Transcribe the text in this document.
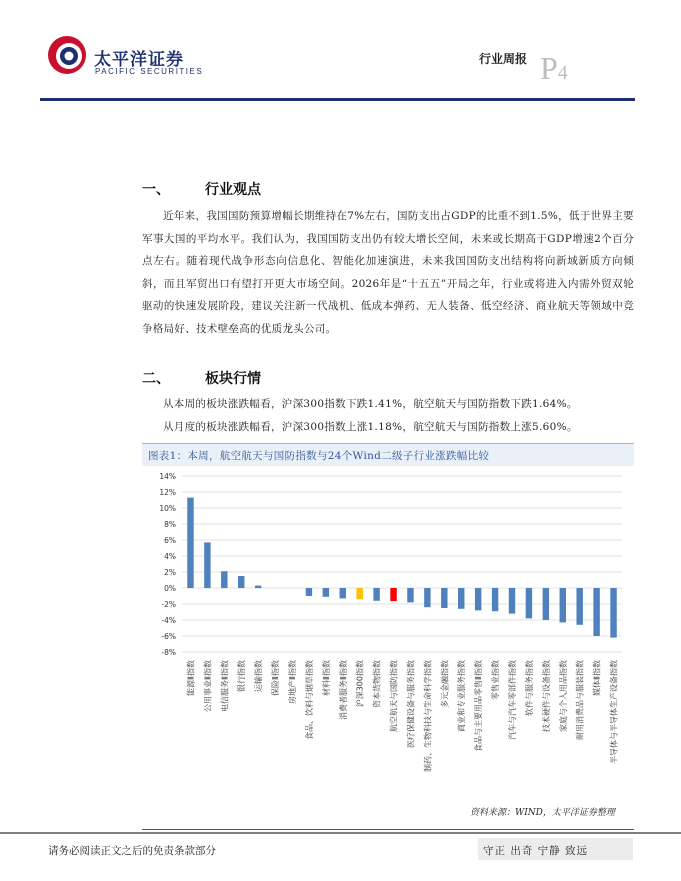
太平洋证券
PACIFIC SECURITIES
行业周报 P4
一、	行业观点
近年来，我国国防预算增幅长期维持在7%左右，国防支出占GDP的比重不到1.5%，低于世界主要军事大国的平均水平。我们认为，我国国防支出仍有较大增长空间，未来或长期高于GDP增速2个百分点左右。随着现代战争形态向信息化、智能化加速演进，未来我国国防支出结构将向新域新质方向倾斜，而且军贸出口有望打开更大市场空间。2026年是“十五五”开局之年，行业或将进入内需外贸双轮驱动的快速发展阶段，建议关注新一代战机、低成本弹药、无人装备、低空经济、商业航天等领域中竞争格局好、技术壁垒高的优质龙头公司。
二、	板块行情
从本周的板块涨跌幅看，沪深300指数下跌1.41%，航空航天与国防指数下跌1.64%。
从月度的板块涨跌幅看，沪深300指数上涨1.18%，航空航天与国防指数上涨5.60%。
图表1：本周，航空航天与国防指数与24个Wind二级子行业涨跌幅比较
14%
12%
10%
8%
6%
4%
2%
0%
-2%
-4%
-6%
-8%
能源Ⅱ指数 公用事业Ⅱ指数 电信服务Ⅱ指数 银行指数 运输指数 保险Ⅱ指数 房地产Ⅱ指数 食品、饮料与烟草指数 材料Ⅱ指数 消费者服务Ⅱ指数 沪深300指数 资本货物指数 航空航天与国防指数 医疗保健设备与服务指数 制药、生物科技与生命科学指数 多元金融指数 商业和专业服务指数 食品与主要用品零售Ⅱ指数 零售业指数 汽车与汽车零部件指数 软件与服务指数 技术硬件与设备指数 家庭与个人用品指数 耐用消费品与服装指数 媒体Ⅱ指数 半导体与半导体生产设备指数
资料来源：WIND，太平洋证券整理
请务必阅读正文之后的免责条款部分	守正 出奇 宁静 致远
